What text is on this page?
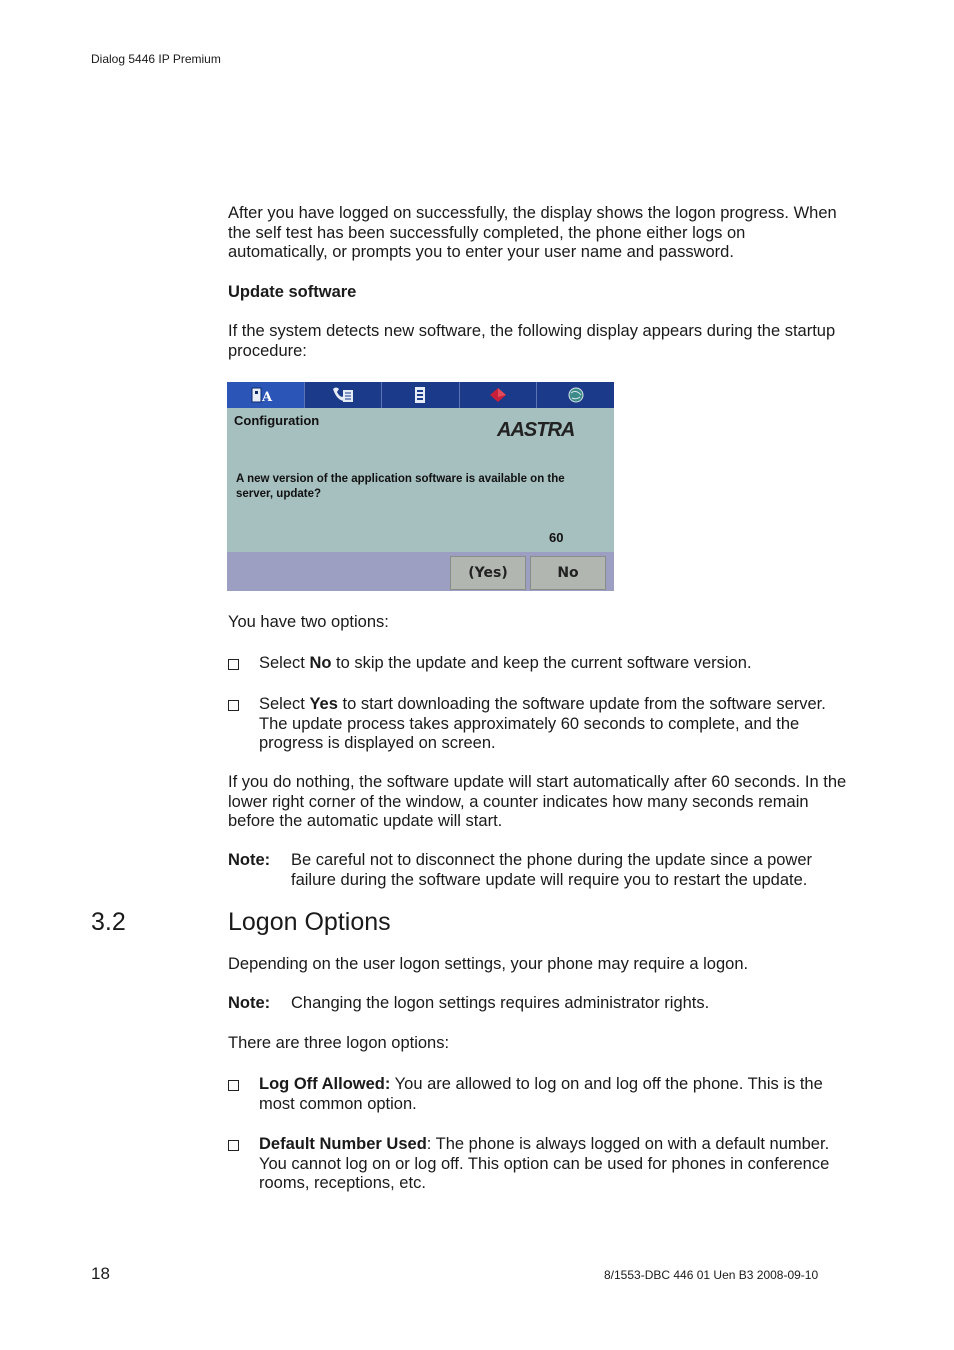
Dialog 5446 IP Premium

After you have logged on successfully, the display shows the logon progress. When the self test has been successfully completed, the phone either logs on automatically, or prompts you to enter your user name and password.

Update software

If the system detects new software, the following display appears during the startup procedure:

A
Configuration	AASTRA

A new version of the application software is available on the server, update?

60
(Yes)	No

You have two options:

Select No to skip the update and keep the current software version.

Select Yes to start downloading the software update from the software server. The update process takes approximately 60 seconds to complete, and the progress is displayed on screen.

If you do nothing, the software update will start automatically after 60 seconds. In the lower right corner of the window, a counter indicates how many seconds remain before the automatic update will start.

Note: Be careful not to disconnect the phone during the update since a power failure during the software update will require you to restart the update.

3.2	Logon Options

Depending on the user logon settings, your phone may require a logon.

Note: Changing the logon settings requires administrator rights.

There are three logon options:

Log Off Allowed: You are allowed to log on and log off the phone. This is the most common option.

Default Number Used: The phone is always logged on with a default number. You cannot log on or log off. This option can be used for phones in conference rooms, receptions, etc.

18	8/1553-DBC 446 01 Uen B3 2008-09-10
